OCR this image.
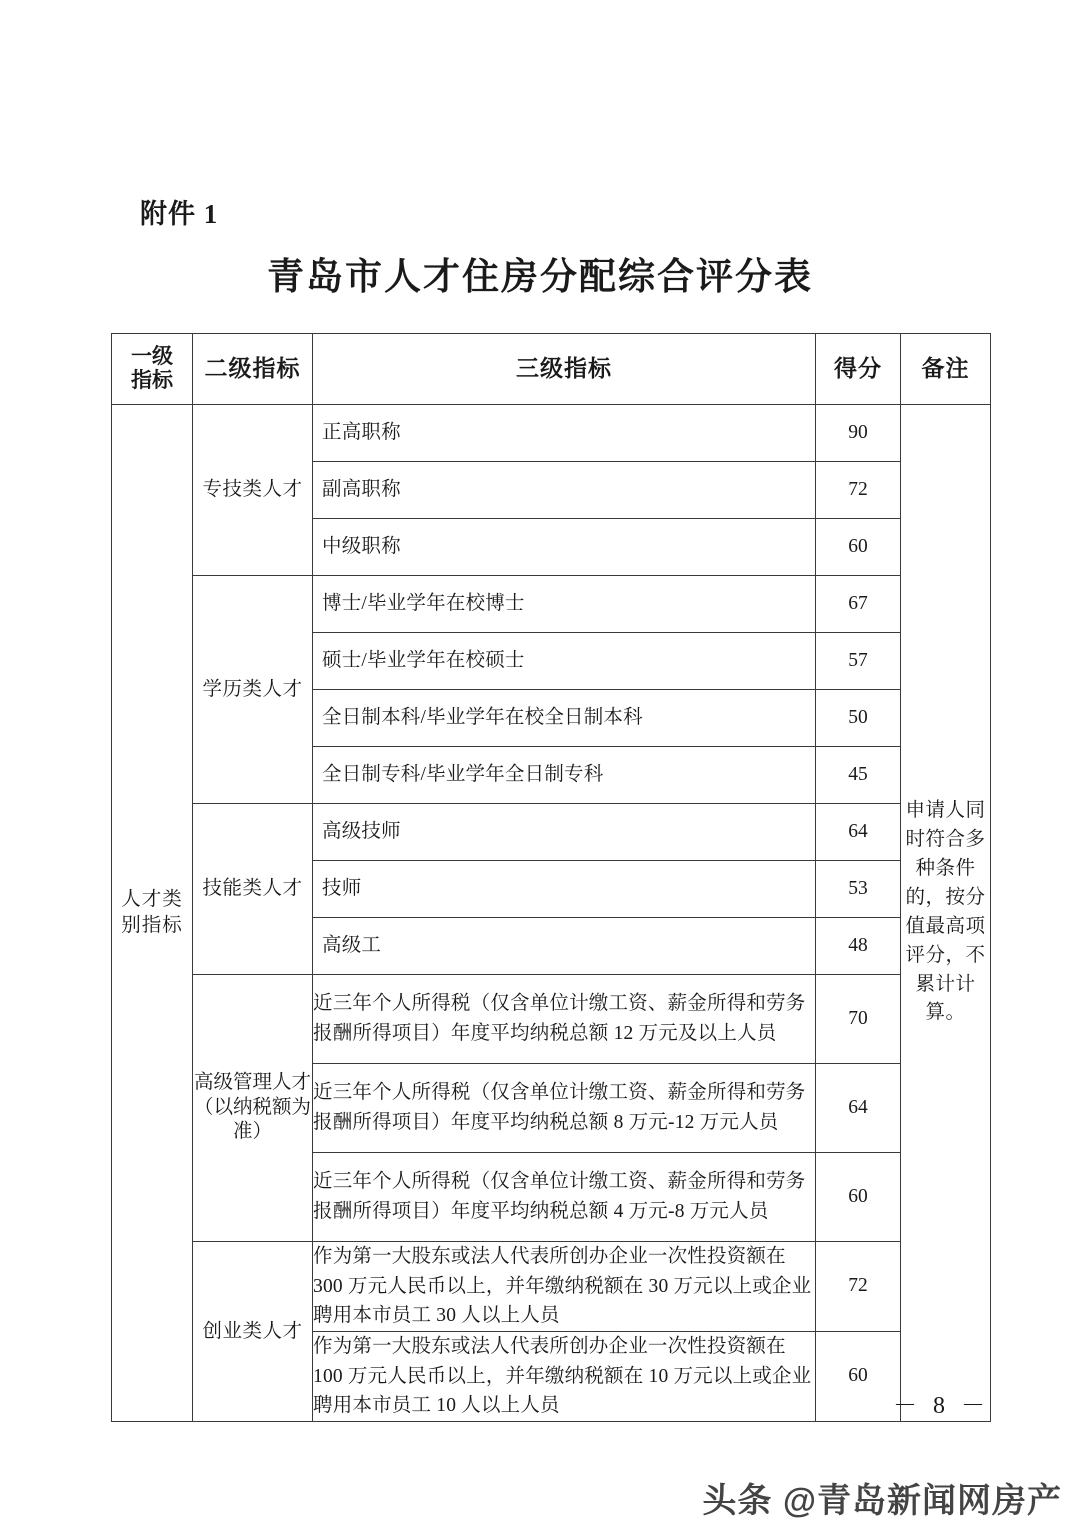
附件 1
青岛市人才住房分配综合评分表
一级
指标	二级指标	三级指标	得分	备注
人才类别指标	专技类人才	正高职称	90	申请人同时符合多种条件的，按分值最高项评分，不累计计算。
		副高职称	72	
		中级职称	60	
	学历类人才	博士/毕业学年在校博士	67	
		硕士/毕业学年在校硕士	57	
		全日制本科/毕业学年在校全日制本科	50	
		全日制专科/毕业学年全日制专科	45	
	技能类人才	高级技师	64	
		技师	53	
		高级工	48	
	高级管理人才（以纳税额为准）	近三年个人所得税（仅含单位计缴工资、薪金所得和劳务报酬所得项目）年度平均纳税总额 12 万元及以上人员	70	
		近三年个人所得税（仅含单位计缴工资、薪金所得和劳务报酬所得项目）年度平均纳税总额 8 万元-12 万元人员	64	
		近三年个人所得税（仅含单位计缴工资、薪金所得和劳务报酬所得项目）年度平均纳税总额 4 万元-8 万元人员	60	
	创业类人才	作为第一大股东或法人代表所创办企业一次性投资额在 300 万元人民币以上，并年缴纳税额在 30 万元以上或企业聘用本市员工 30 人以上人员	72	
		作为第一大股东或法人代表所创办企业一次性投资额在 100 万元人民币以上，并年缴纳税额在 10 万元以上或企业聘用本市员工 10 人以上人员	60	
－ 8 －
头条 @青岛新闻网房产
